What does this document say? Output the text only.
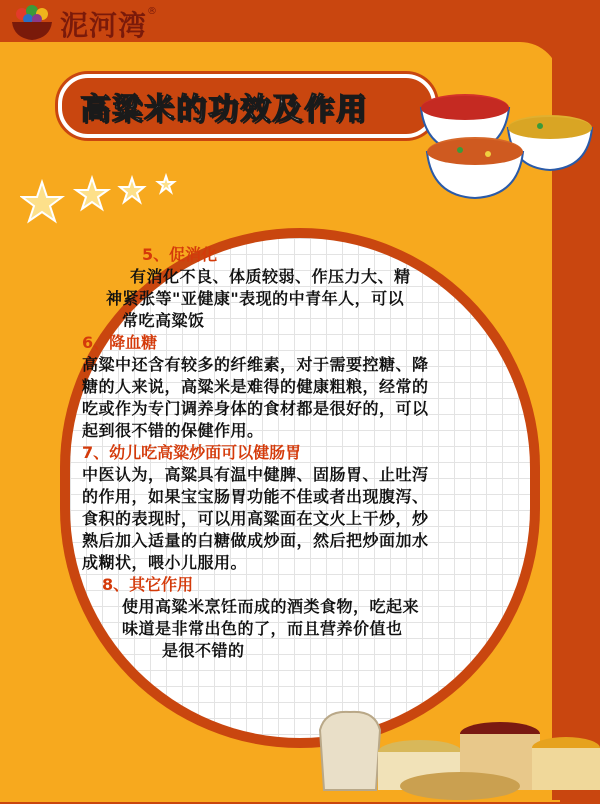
泥河湾 ®
高粱米的功效及作用
5、促消化
有消化不良、体质较弱、作压力大、精
神紧张等"亚健康"表现的中青年人，可以
常吃高粱饭
6、降血糖
高粱中还含有较多的纤维素，对于需要控糖、降
糖的人来说，高粱米是难得的健康粗粮，经常的
吃或作为专门调养身体的食材都是很好的，可以
起到很不错的保健作用。
7、幼儿吃高粱炒面可以健肠胃
中医认为，高粱具有温中健脾、固肠胃、止吐泻
的作用，如果宝宝肠胃功能不佳或者出现腹泻、
食积的表现时，可以用高粱面在文火上干炒，炒
熟后加入适量的白糖做成炒面，然后把炒面加水
成糊状，喂小儿服用。
8、其它作用
使用高粱米烹饪而成的酒类食物，吃起来
味道是非常出色的了，而且营养价值也
是很不错的
